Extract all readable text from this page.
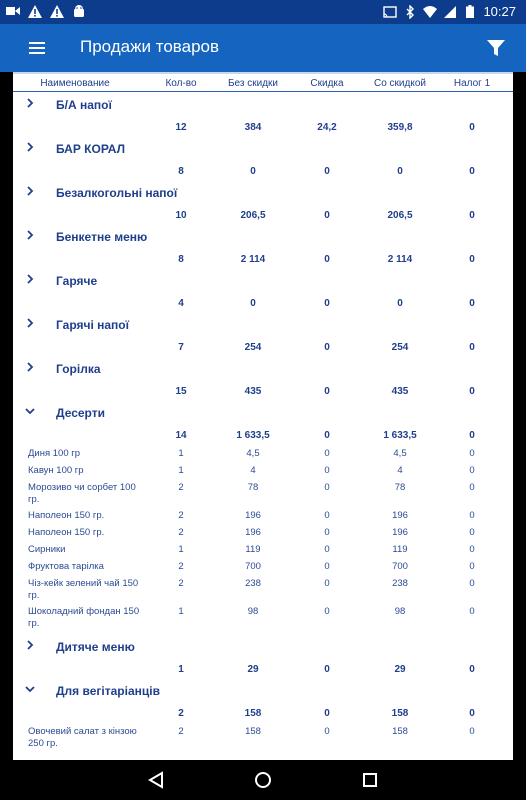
10:27
Продажи товаров
Наименование	Кол-во	Без скидки	Скидка	Со скидкой	Налог 1
Б/А напої
12	384	24,2	359,8	0
БАР КОРАЛ
8	0	0	0	0
Безалкогольні напої
10	206,5	0	206,5	0
Бенкетне меню
8	2 114	0	2 114	0
Гаряче
4	0	0	0	0
Гарячі напої
7	254	0	254	0
Горілка
15	435	0	435	0
Десерти
14	1 633,5	0	1 633,5	0
Диня 100 гр	1	4,5	0	4,5	0
Кавун 100 гр	1	4	0	4	0
Морозиво чи сорбет 100 гр.
2	78	0	78	0
Наполеон 150 гр.	2	196	0	196	0
Наполеон 150 гр.	2	196	0	196	0
Сирники	1	119	0	119	0
Фруктова тарілка	2	700	0	700	0
Чіз-кейк зелений чай 150 гр.
2	238	0	238	0
Шоколадний фондан 150 гр.
1	98	0	98	0
Дитяче меню
1	29	0	29	0
Для вегітаріанців
2	158	0	158	0
Овочевий салат з кінзою 250 гр.
2	158	0	158	0
